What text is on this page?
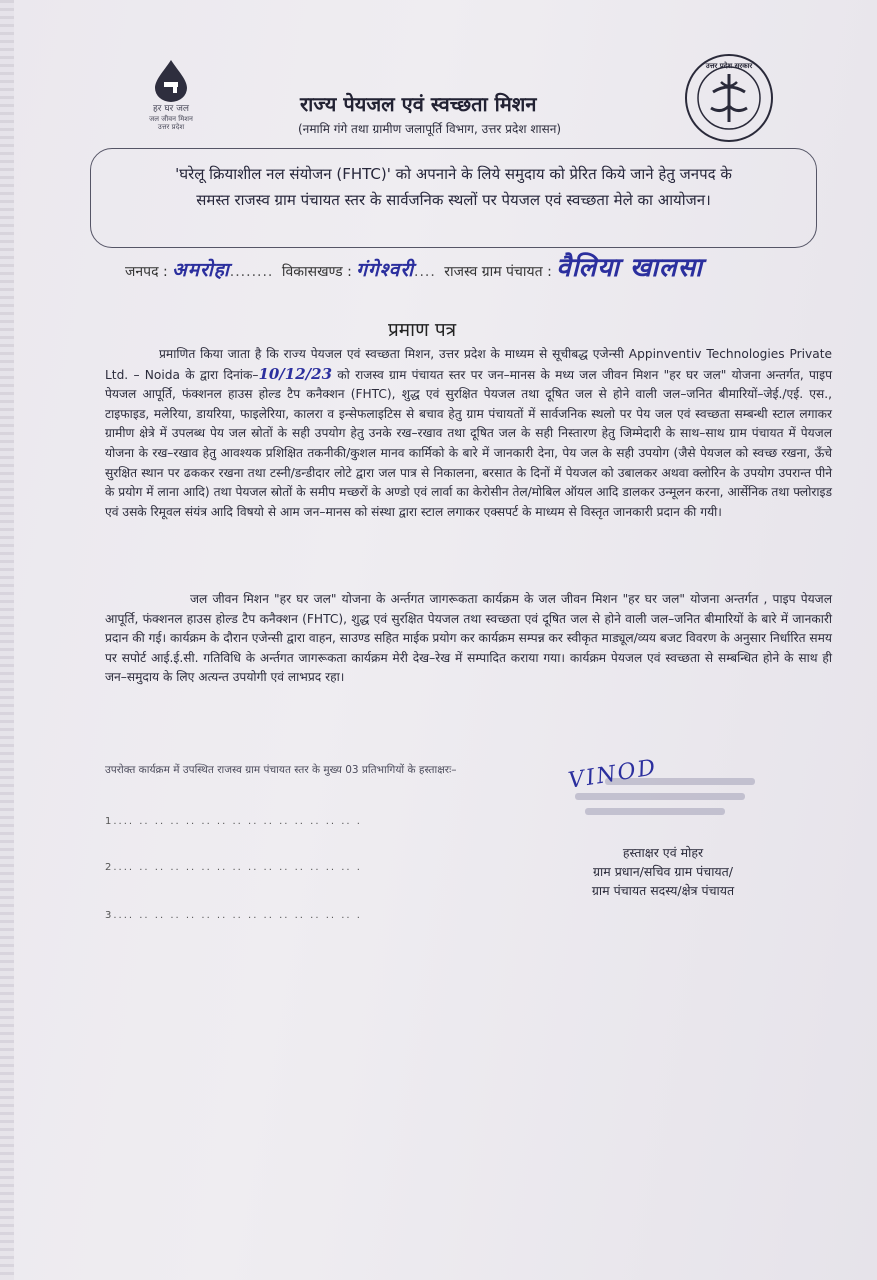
हर घर जल
जल जीवन मिशन
उत्तर प्रदेश
उत्तर प्रदेश सरकार
राज्य पेयजल एवं स्वच्छता मिशन
(नमामि गंगे तथा ग्रामीण जलापूर्ति विभाग, उत्तर प्रदेश शासन)
'घरेलू क्रियाशील नल संयोजन (FHTC)' को अपनाने के लिये समुदाय को प्रेरित किये जाने हेतु जनपद के
समस्त राजस्व ग्राम पंचायत स्तर के सार्वजनिक स्थलों पर पेयजल एवं स्वच्छता मेले का आयोजन।
जनपद : अमरोहा........ विकासखण्ड : गंगेश्वरी.... राजस्व ग्राम पंचायत : वैलिया खालसा
प्रमाण पत्र
प्रमाणित किया जाता है कि राज्य पेयजल एवं स्वच्छता मिशन, उत्तर प्रदेश के माध्यम से सूचीबद्ध एजेन्सी Appinventiv Technologies Private Ltd. – Noida के द्वारा दिनांक–10/12/23 को राजस्व ग्राम पंचायत स्तर पर जन–मानस के मध्य जल जीवन मिशन "हर घर जल" योजना अन्तर्गत, पाइप पेयजल आपूर्ति, फंक्शनल हाउस होल्ड टैप कनैक्शन (FHTC), शुद्ध एवं सुरक्षित पेयजल तथा दूषित जल से होने वाली जल–जनित बीमारियों–जेई./एई. एस., टाइफाइड, मलेरिया, डायरिया, फाइलेरिया, कालरा व इन्सेफलाइटिस से बचाव हेतु ग्राम पंचायतों में सार्वजनिक स्थलो पर पेय जल एवं स्वच्छता सम्बन्धी स्टाल लगाकर ग्रामीण क्षेत्रे में उपलब्ध पेय जल स्रोतों के सही उपयोग हेतु उनके रख–रखाव तथा दूषित जल के सही निस्तारण हेतु जिम्मेदारी के साथ–साथ ग्राम पंचायत में पेयजल योजना के रख–रखाव हेतु आवश्यक प्रशिक्षित तकनीकी/कुशल मानव कार्मिको के बारे में जानकारी देना, पेय जल के सही उपयोग (जैसे पेयजल को स्वच्छ रखना, ऊँचे सुरक्षित स्थान पर ढककर रखना तथा टस्नी/डन्डीदार लोटे द्वारा जल पात्र से निकालना, बरसात के दिनों में पेयजल को उबालकर अथवा क्लोरिन के उपयोग उपरान्त पीने के प्रयोग में लाना आदि) तथा पेयजल स्रोतों के समीप मच्छरों के अण्डो एवं लार्वा का केरोसीन तेल/मोबिल ऑयल आदि डालकर उन्मूलन करना, आर्सेनिक तथा फ्लोराइड एवं उसके रिमूवल संयंत्र आदि विषयो से आम जन–मानस को संस्था द्वारा स्टाल लगाकर एक्सपर्ट के माध्यम से विस्तृत जानकारी प्रदान की गयी।
जल जीवन मिशन "हर घर जल" योजना के अर्न्तगत जागरूकता कार्यक्रम के जल जीवन मिशन "हर घर जल" योजना अन्तर्गत , पाइप पेयजल आपूर्ति, फंक्शनल हाउस होल्ड टैप कनैक्शन (FHTC), शुद्ध एवं सुरक्षित पेयजल तथा स्वच्छता एवं दूषित जल से होने वाली जल–जनित बीमारियों के बारे में जानकारी प्रदान की गई। कार्यक्रम के दौरान एजेन्सी द्वारा वाहन, साउण्ड सहित माईक प्रयोग कर कार्यक्रम सम्पन्न कर स्वीकृत माड्यूल/व्यय बजट विवरण के अनुसार निर्धारित समय पर सपोर्ट आई.ई.सी. गतिविधि के अर्न्तगत जागरूकता कार्यक्रम मेरी देख–रेख में सम्पादित कराया गया। कार्यक्रम पेयजल एवं स्वच्छता से सम्बन्धित होने के साथ ही जन–समुदाय के लिए अत्यन्त उपयोगी एवं लाभप्रद रहा।
उपरोक्त कार्यक्रम में उपस्थित राजस्व ग्राम पंचायत स्तर के मुख्य 03 प्रतिभागियों के हस्ताक्षरः–
1.... .. .. .. .. .. .. .. .. .. .. .. .. .. .. .
2.... .. .. .. .. .. .. .. .. .. .. .. .. .. .. .
3.... .. .. .. .. .. .. .. .. .. .. .. .. .. .. .
VINOD
हस्ताक्षर एवं मोहर
ग्राम प्रधान/सचिव ग्राम पंचायत/
ग्राम पंचायत सदस्य/क्षेत्र पंचायत
